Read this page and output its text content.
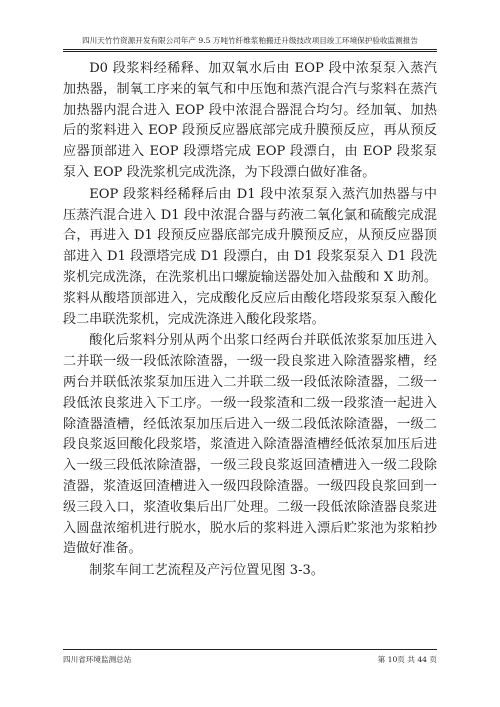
四川天竹竹资源开发有限公司年产 9.5 万吨竹纤维浆粕搬迁升级技改项目竣工环境保护验收监测报告

D0 段浆料经稀释、加双氧水后由 EOP 段中浓泵泵入蒸汽加热器，制氧工序来的氧气和中压饱和蒸汽混合汽与浆料在蒸汽加热器内混合进入 EOP 段中浓混合器混合均匀。经加氧、加热后的浆料进入 EOP 段预反应器底部完成升膜预反应，再从预反应器顶部进入 EOP 段漂塔完成 EOP 段漂白，由 EOP 段浆泵泵入 EOP 段洗浆机完成洗涤，为下段漂白做好准备。

EOP 段浆料经稀释后由 D1 段中浓泵泵入蒸汽加热器与中压蒸汽混合进入 D1 段中浓混合器与药液二氧化氯和硫酸完成混合，再进入 D1 段预反应器底部完成升膜预反应，从预反应器顶部进入 D1 段漂塔完成 D1 段漂白，由 D1 段浆泵泵入 D1 段洗浆机完成洗涤，在洗浆机出口螺旋输送器处加入盐酸和 X 助剂。浆料从酸塔顶部进入，完成酸化反应后由酸化塔段浆泵泵入酸化段二串联洗浆机，完成洗涤进入酸化段浆塔。

酸化后浆料分别从两个出浆口经两台并联低浓浆泵加压进入二并联一级一段低浓除渣器，一级一段良浆进入除渣器浆槽，经两台并联低浓浆泵加压进入二并联二级一段低浓除渣器，二级一段低浓良浆进入下工序。一级一段浆渣和二级一段浆渣一起进入除渣器渣槽，经低浓泵加压后进入一级二段低浓除渣器，一级二段良浆返回酸化段浆塔，浆渣进入除渣器渣槽经低浓泵加压后进入一级三段低浓除渣器，一级三段良浆返回渣槽进入一级二段除渣器，浆渣返回渣槽进入一级四段除渣器。一级四段良浆回到一级三段入口，浆渣收集后出厂处理。二级一段低浓除渣器良浆进入圆盘浓缩机进行脱水，脱水后的浆料进入漂后贮浆池为浆粕抄造做好准备。

制浆车间工艺流程及产污位置见图 3-3。

四川省环境监测总站	第 10页 共 44 页
